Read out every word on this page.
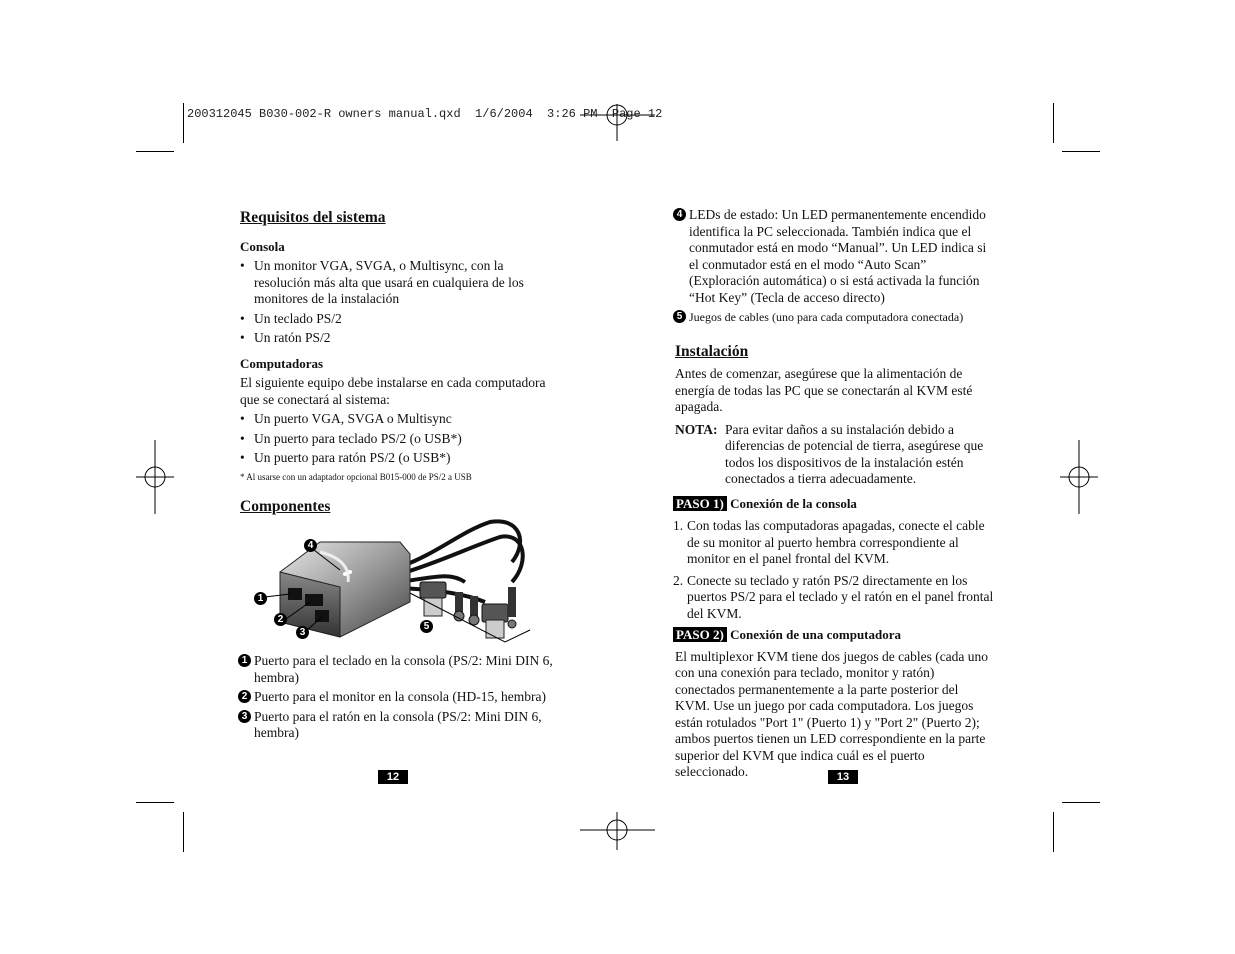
200312045 B030-002-R owners manual.qxd  1/6/2004  3:26 PM  Page 12
Requisitos del sistema
Consola
• Un monitor VGA, SVGA, o Multisync, con la resolución más alta que usará en cualquiera de los monitores de la instalación
• Un teclado PS/2
• Un ratón PS/2
Computadoras

El siguiente equipo debe instalarse en cada computadora que se conectará al sistema:

• Un puerto VGA, SVGA o Multisync
• Un puerto para teclado PS/2 (o USB*)
• Un puerto para ratón PS/2 (o USB*)

* Al usarse con un adaptador opcional B015-000 de PS/2 a USB

Componentes
4
1
2
3
5
1 Puerto para el teclado en la consola (PS/2: Mini DIN 6, hembra)
2 Puerto para el monitor en la consola (HD-15, hembra)
3 Puerto para el ratón en la consola (PS/2: Mini DIN 6, hembra)
12
4 LEDs de estado: Un LED permanentemente encendido identifica la PC seleccionada. También indica que el conmutador está en modo “Manual”. Un LED indica si el conmutador está en el modo “Auto Scan” (Exploración automática) o si está activada la función “Hot Key” (Tecla de acceso directo)
5 Juegos de cables (uno para cada computadora conectada)
Instalación

Antes de comenzar, asegúrese que la alimentación de energía de todas las PC que se conectarán al KVM esté apagada.

NOTA: Para evitar daños a su instalación debido a diferencias de potencial de tierra, asegúrese que todos los dispositivos de la instalación estén conectados a tierra adecuadamente.
PASO 1) Conexión de la consola
1. Con todas las computadoras apagadas, conecte el cable de su monitor al puerto hembra correspondiente al monitor en el panel frontal del KVM.
2. Conecte su teclado y ratón PS/2 directamente en los puertos PS/2 para el teclado y el ratón en el panel frontal del KVM.
PASO 2) Conexión de una computadora

El multiplexor KVM tiene dos juegos de cables (cada uno con una conexión para teclado, monitor y ratón) conectados permanentemente a la parte posterior del KVM. Use un juego por cada computadora. Los juegos están rotulados "Port 1" (Puerto 1) y "Port 2" (Puerto 2); ambos puertos tienen un LED correspondiente en la parte superior del KVM que indica cuál es el puerto seleccionado.	13
